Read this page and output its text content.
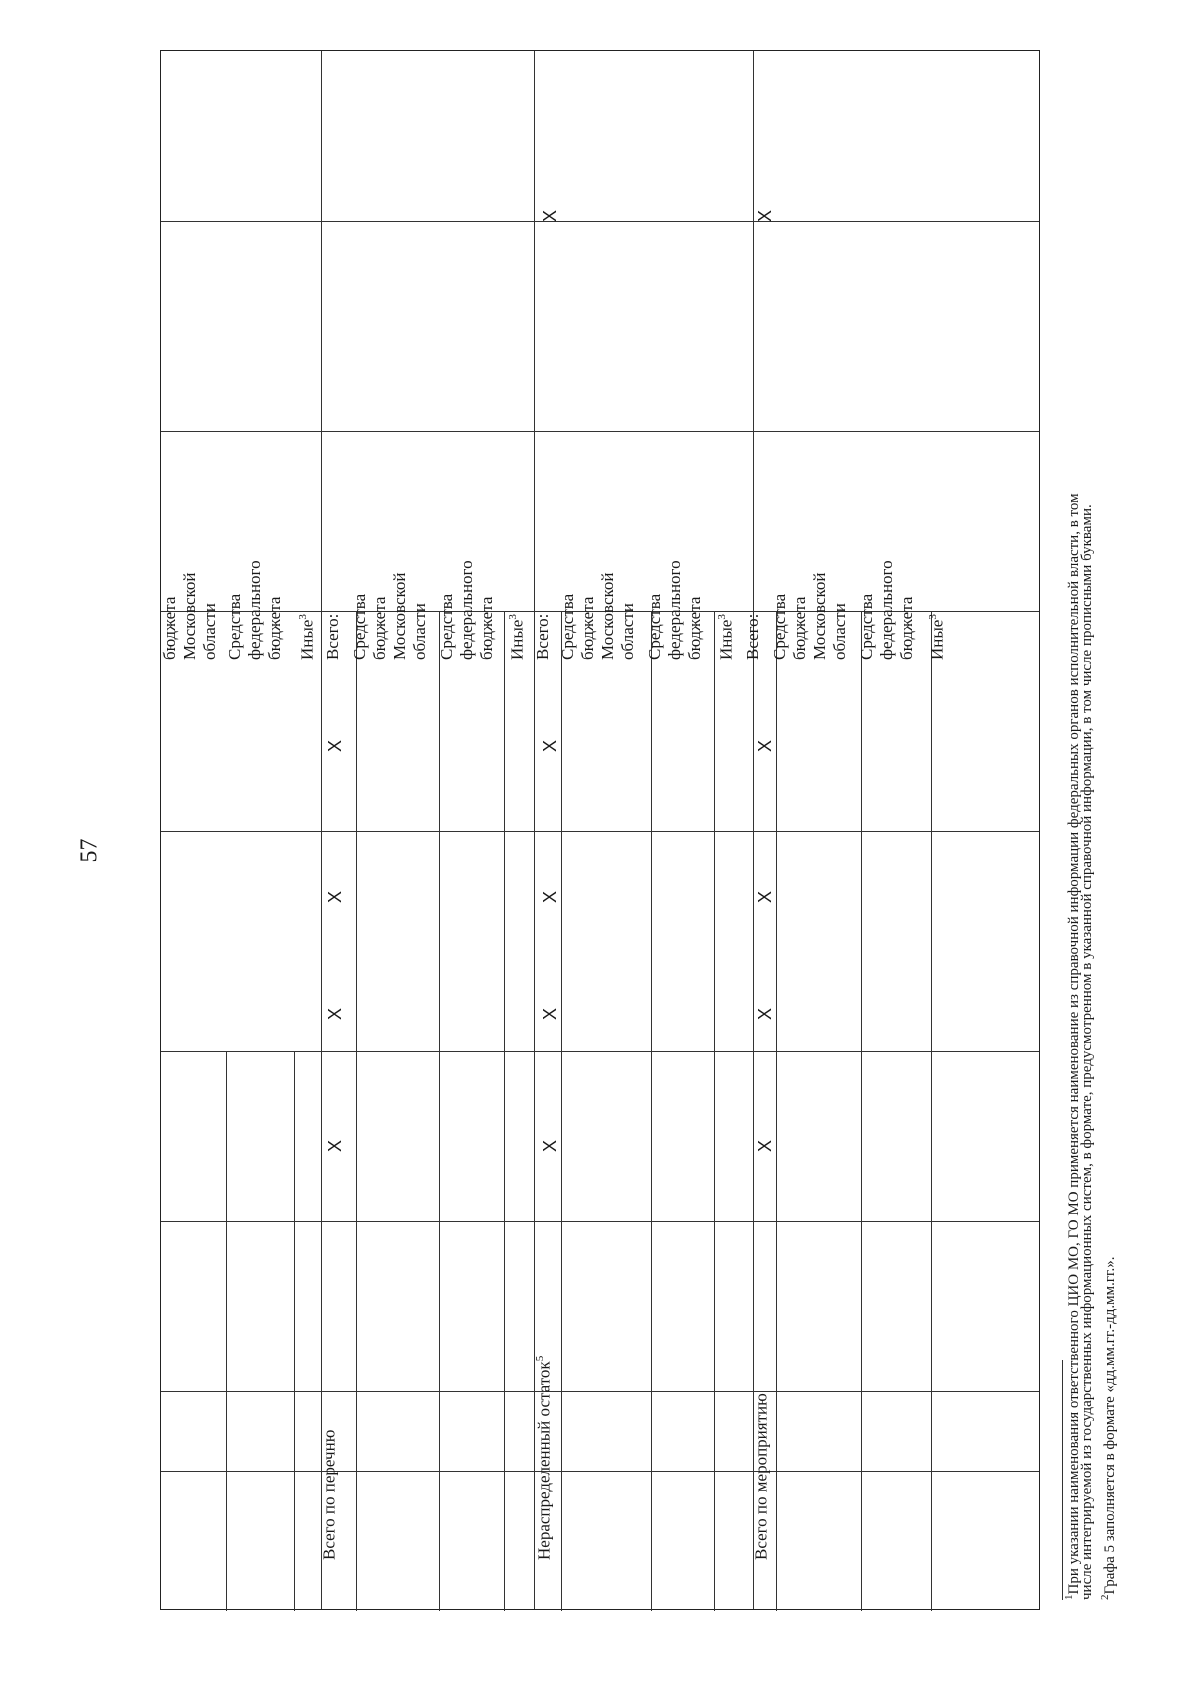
57
Всего по перечню	Нераспределенный остаток$^5$
Всего по мероприятию
Х
Х
Х
Х
Х
Х
Х
Х
Х
Х
Х
Х
Х
Х
бюджета Московской области Средства федерального бюджета Иные$^3$ Всего: Средства бюджета Московской области Средства федерального бюджета Иные$^3$ Всего: Средства бюджета Московской области Средства федерального бюджета Иные$^3$ Всего: Средства бюджета Московской области Средства федерального бюджета Иные$^3$
$^1$При указании наименования ответственного ЦИО МО, ГО МО применяется наименование из справочной информации федеральных органов исполнительной власти, в том
числе интегрируемой из государственных информационных систем, в формате, предусмотренном в указанной справочной информации, в том числе прописными буквами. $^2$Графа 5 заполняется в формате «дд.мм.гг.-дд.мм.гг.».
